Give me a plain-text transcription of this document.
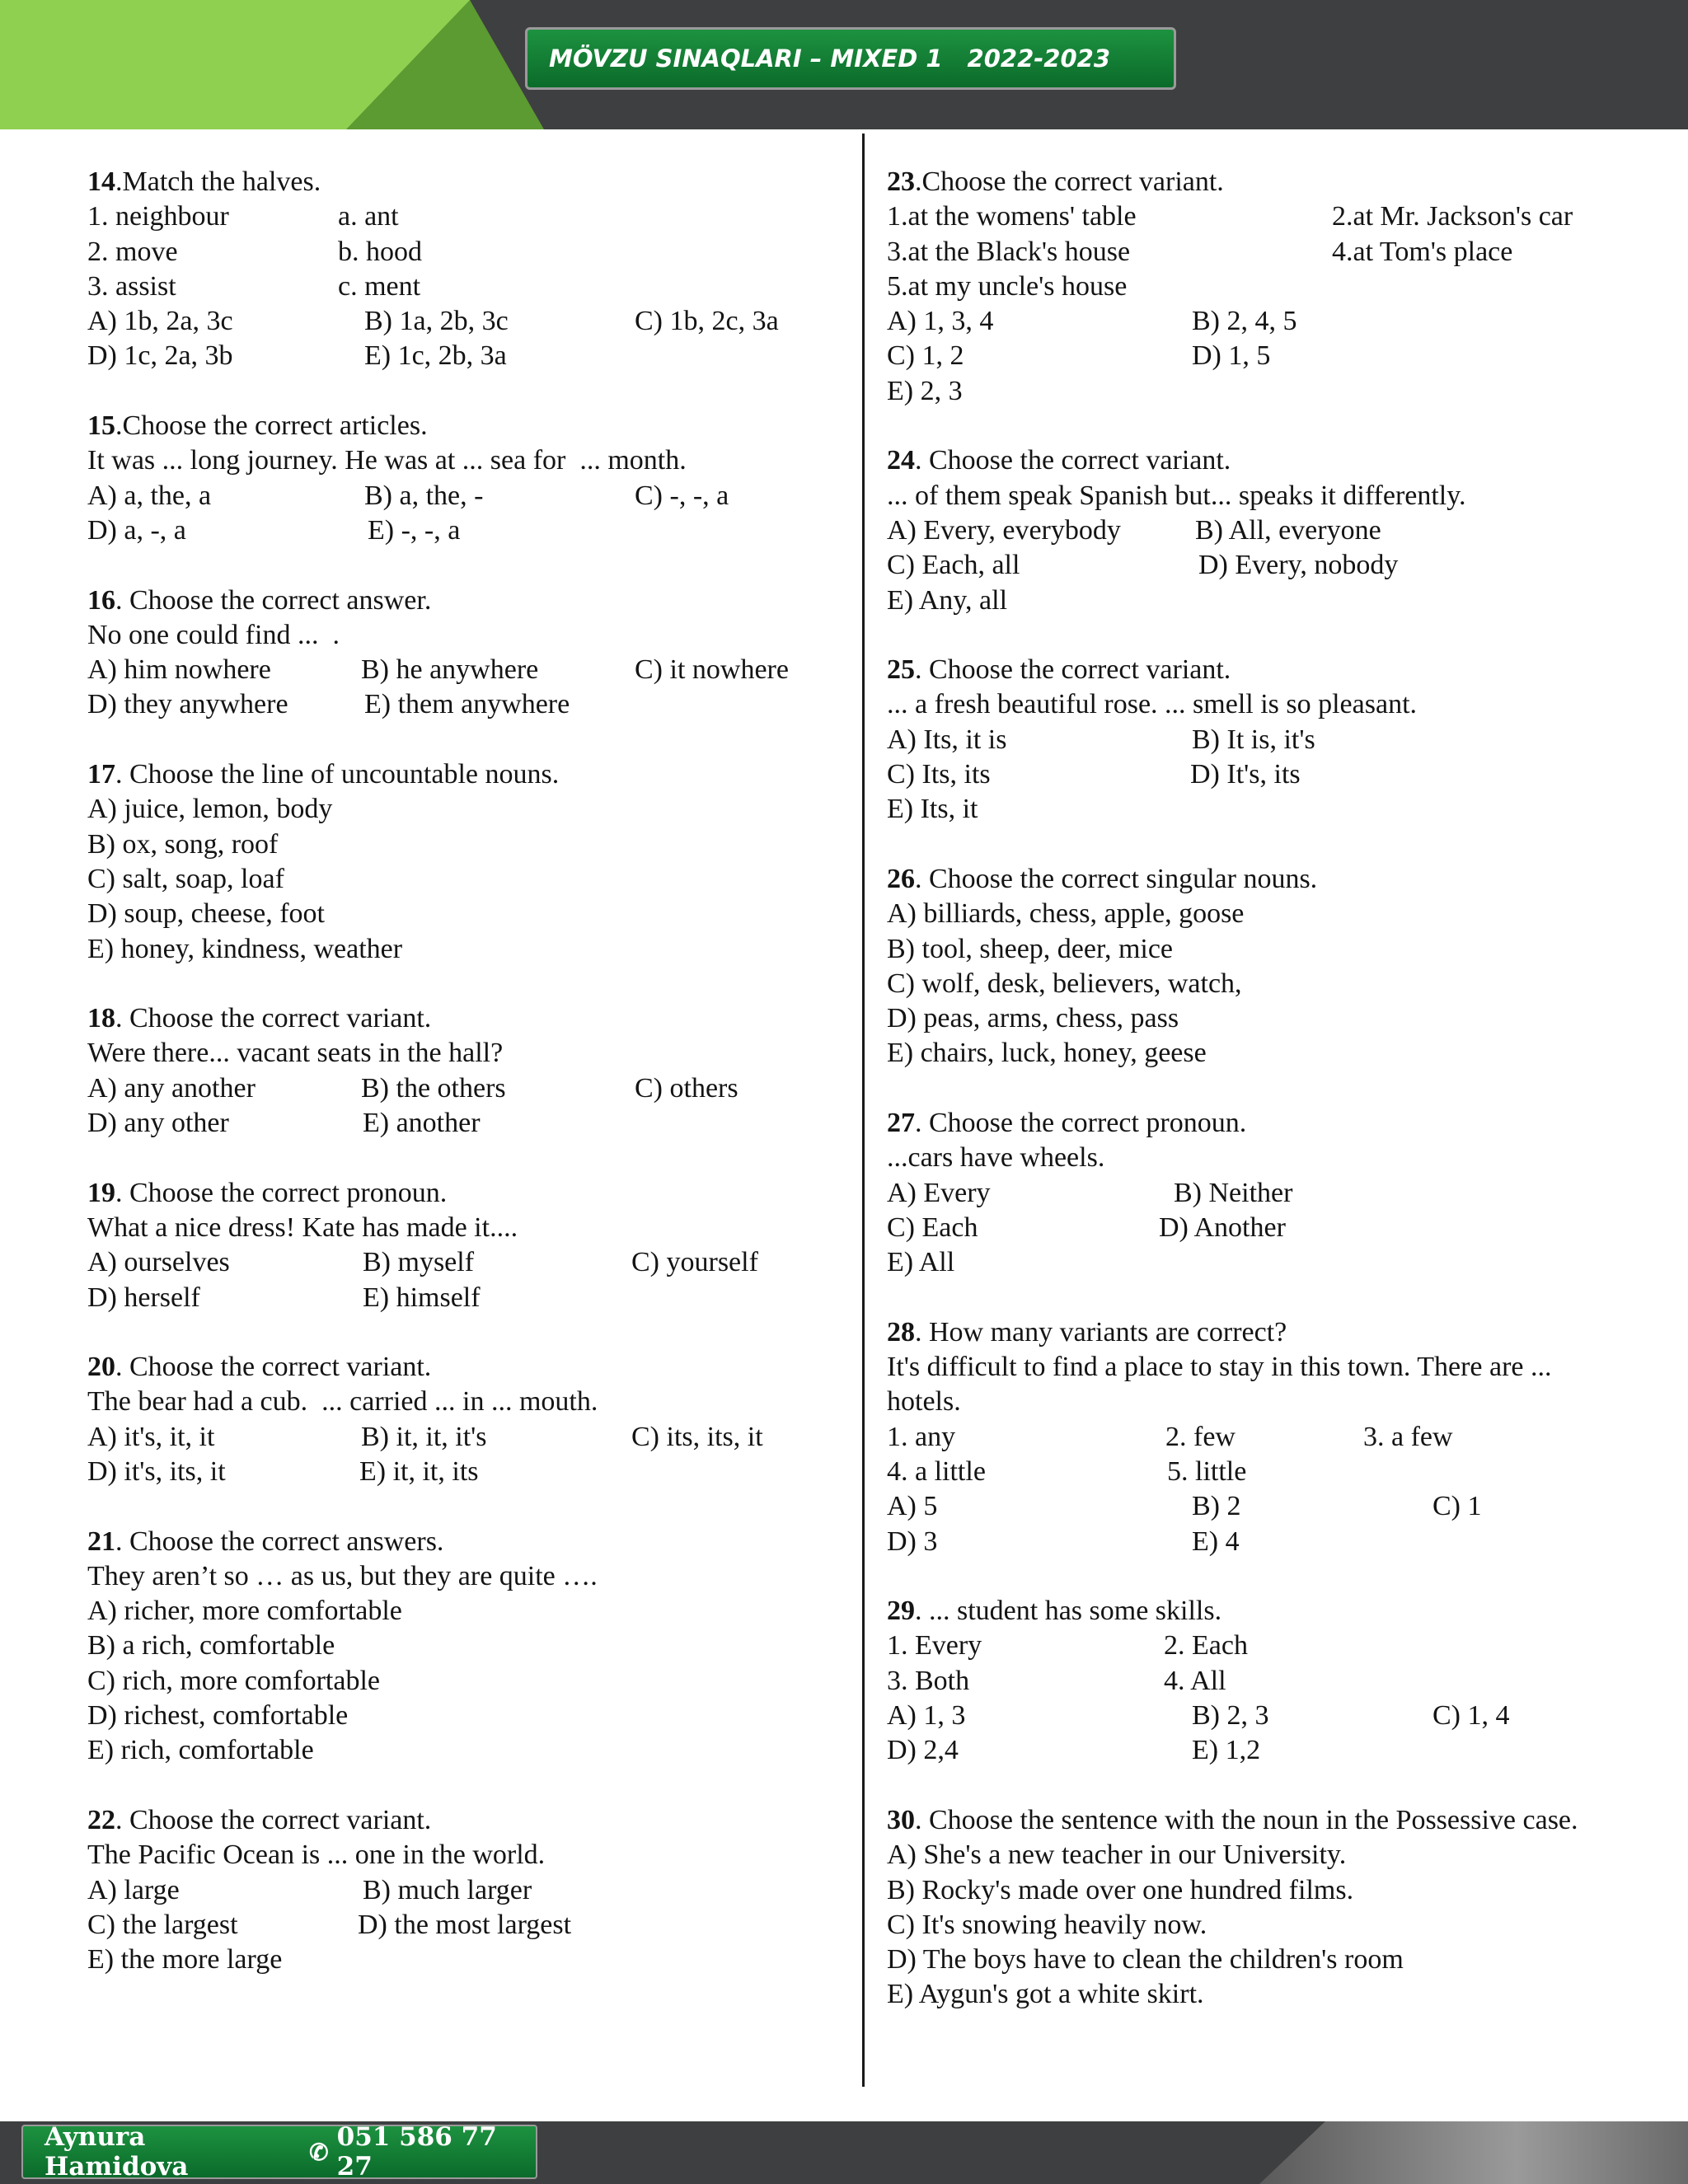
MÖVZU SINAQLARI – MIXED 1 2022-2023
14.Match the halves.
1. neighbour	a. ant
2. move	b. hood
3. assist	c. ment
A) 1b, 2a, 3c	B) 1a, 2b, 3c	C) 1b, 2c, 3a
D) 1c, 2a, 3b	E) 1c, 2b, 3a
15.Choose the correct articles.
It was ... long journey. He was at ... sea for  ... month.
A) a, the, a	B) a, the, -	C) -, -, a
D) a, -, a	E) -, -, a
16. Choose the correct answer.
No one could find ...  .
A) him nowhere	B) he anywhere	C) it nowhere
D) they anywhere	E) them anywhere
17. Choose the line of uncountable nouns.
A) juice, lemon, body
B) ox, song, roof
C) salt, soap, loaf
D) soup, cheese, foot
E) honey, kindness, weather
18. Choose the correct variant.
Were there... vacant seats in the hall?
A) any another	B) the others	C) others
D) any other	E) another
19. Choose the correct pronoun.
What a nice dress! Kate has made it....
A) ourselves	B) myself	C) yourself
D) herself	E) himself
20. Choose the correct variant.
The bear had a cub.  ... carried ... in ... mouth.
A) it's, it, it	B) it, it, it's	C) its, its, it
D) it's, its, it	E) it, it, its
21. Choose the correct answers.
They aren’t so … as us, but they are quite ….
A) richer, more comfortable
B) a rich, comfortable
C) rich, more comfortable
D) richest, comfortable
E) rich, comfortable
22. Choose the correct variant.
The Pacific Ocean is ... one in the world.
A) large	B) much larger
C) the largest	D) the most largest
E) the more large
23.Choose the correct variant.
1.at the womens' table	2.at Mr. Jackson's car
3.at the Black's house	4.at Tom's place
5.at my uncle's house
A) 1, 3, 4	B) 2, 4, 5
C) 1, 2	D) 1, 5
E) 2, 3
24. Choose the correct variant.
... of them speak Spanish but... speaks it differently.
A) Every, everybody	B) All, everyone
C) Each, all	D) Every, nobody
E) Any, all
25. Choose the correct variant.
... a fresh beautiful rose. ... smell is so pleasant.
A) Its, it is	B) It is, it's
C) Its, its	D) It's, its
E) Its, it
26. Choose the correct singular nouns.
A) billiards, chess, apple, goose
B) tool, sheep, deer, mice
C) wolf, desk, believers, watch,
D) peas, arms, chess, pass
E) chairs, luck, honey, geese
27. Choose the correct pronoun.
...cars have wheels.
A) Every	B) Neither
C) Each	D) Another
E) All
28. How many variants are correct?
It's difficult to find a place to stay in this town. There are ...
hotels.
1. any	2. few	3. a few
4. a little	5. little
A) 5	B) 2	C) 1
D) 3	E) 4
29. ... student has some skills.
1. Every	2. Each
3. Both	4. All
A) 1, 3	B) 2, 3	C) 1, 4
D) 2,4	E) 1,2
30. Choose the sentence with the noun in the Possessive case.
A) She's a new teacher in our University.
B) Rocky's made over one hundred films.
C) It's snowing heavily now.
D) The boys have to clean the children's room
E) Aygun's got a white skirt.
Aynura Hamidova	✆ 051 586 77 27
